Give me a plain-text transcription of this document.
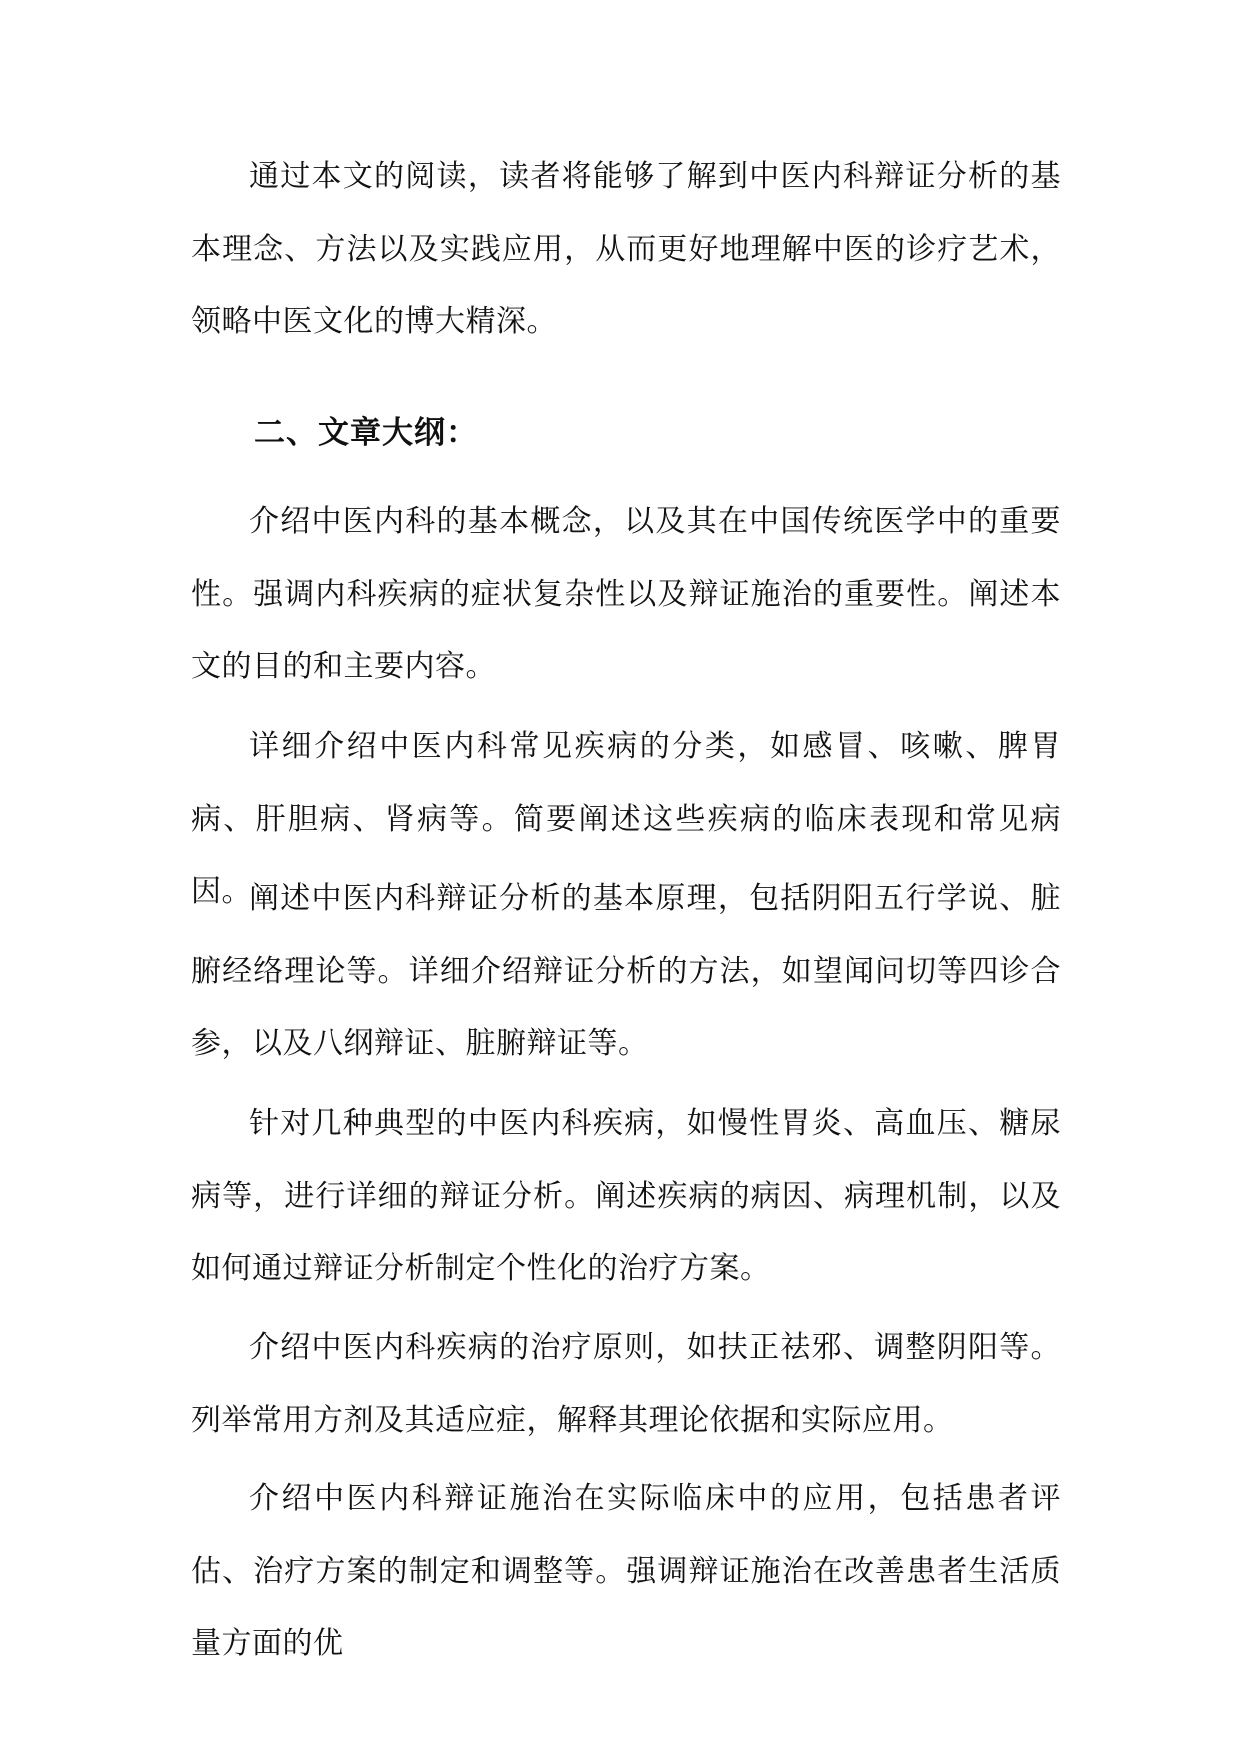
通过本文的阅读，读者将能够了解到中医内科辩证分析的基本理念、方法以及实践应用，从而更好地理解中医的诊疗艺术，领略中医文化的博大精深。

二、文章大纲：

介绍中医内科的基本概念，以及其在中国传统医学中的重要性。强调内科疾病的症状复杂性以及辩证施治的重要性。阐述本文的目的和主要内容。

详细介绍中医内科常见疾病的分类，如感冒、咳嗽、脾胃病、肝胆病、肾病等。简要阐述这些疾病的临床表现和常见病因。

阐述中医内科辩证分析的基本原理，包括阴阳五行学说、脏腑经络理论等。详细介绍辩证分析的方法，如望闻问切等四诊合参，以及八纲辩证、脏腑辩证等。

针对几种典型的中医内科疾病，如慢性胃炎、高血压、糖尿病等，进行详细的辩证分析。阐述疾病的病因、病理机制，以及如何通过辩证分析制定个性化的治疗方案。

介绍中医内科疾病的治疗原则，如扶正祛邪、调整阴阳等。列举常用方剂及其适应症，解释其理论依据和实际应用。

介绍中医内科辩证施治在实际临床中的应用，包括患者评估、治疗方案的制定和调整等。强调辩证施治在改善患者生活质量方面的优
